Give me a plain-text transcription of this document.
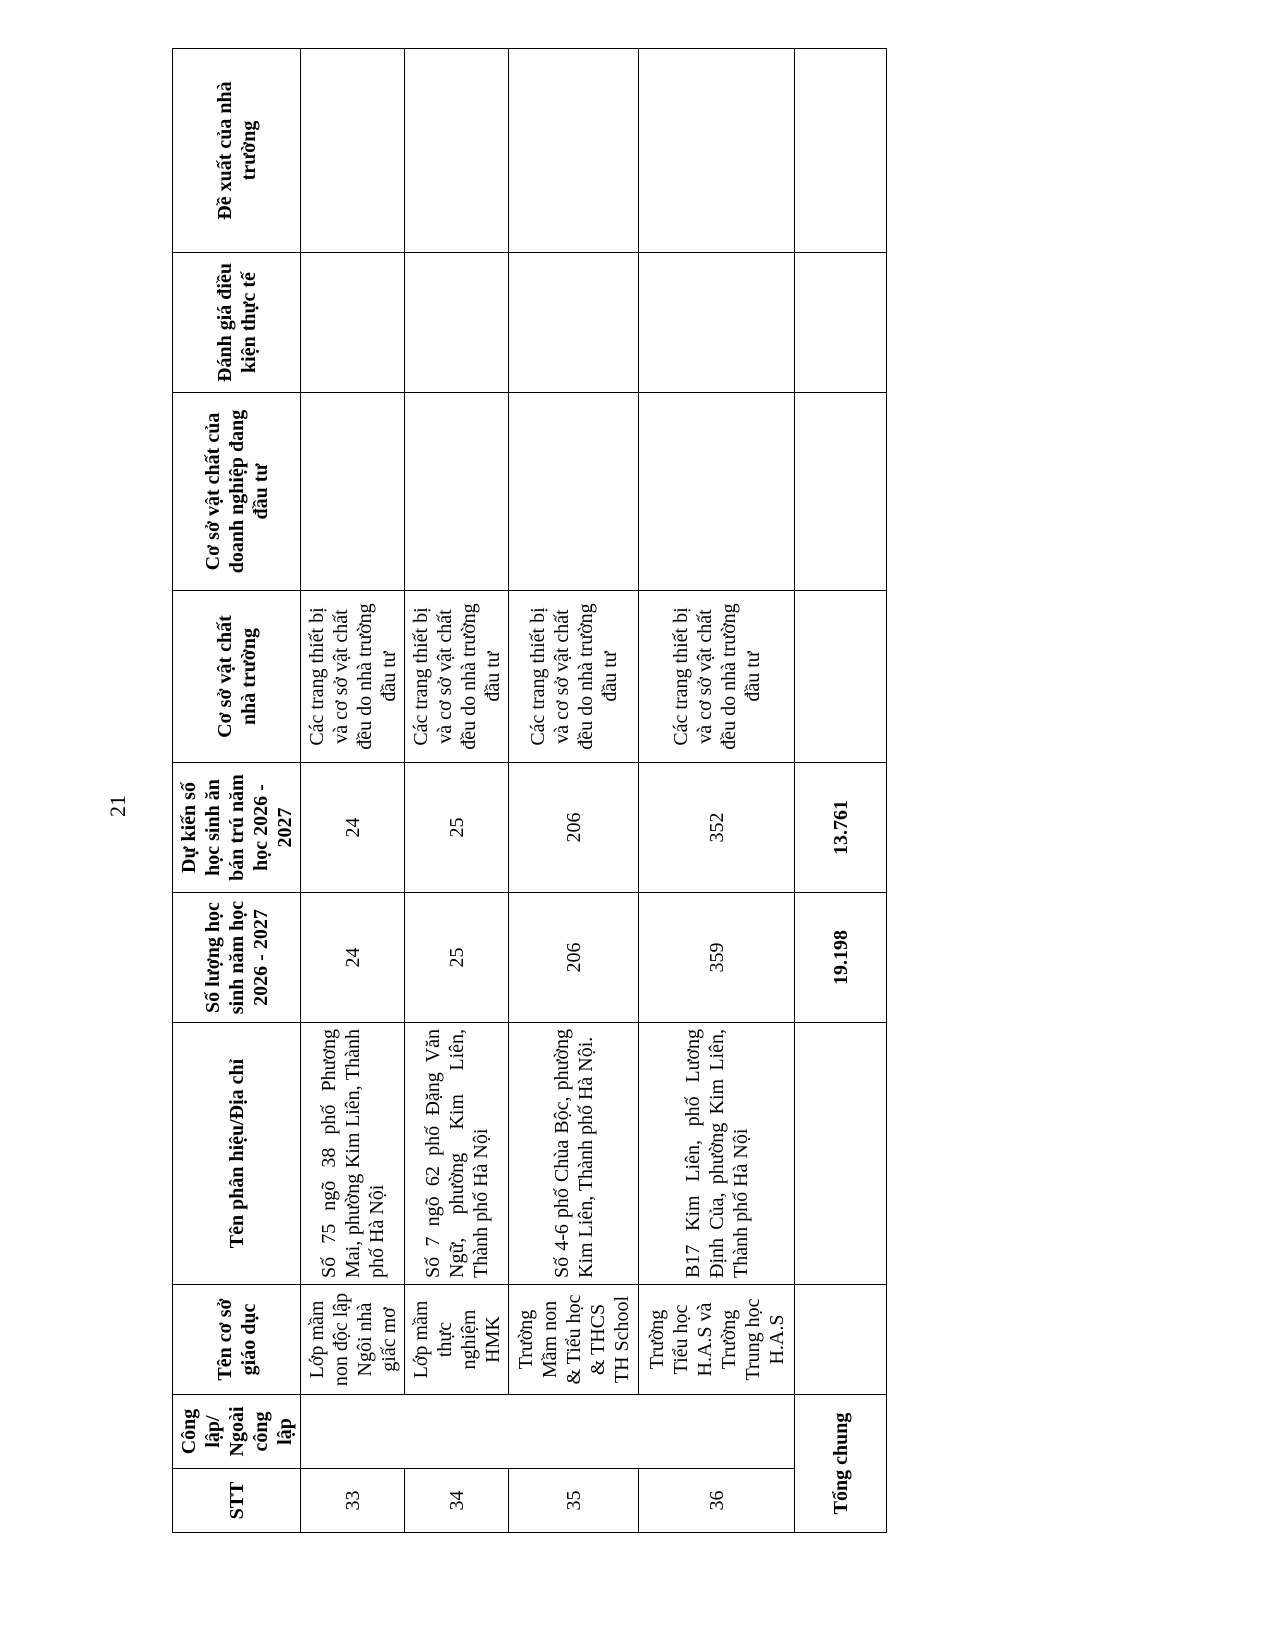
21
STT	Công lập/ Ngoài công lập	Tên cơ sở giáo dục	Tên phân hiệu/Địa chỉ	Số lượng học sinh năm học 2026 - 2027	Dự kiến số học sinh ăn bán trú năm học 2026 - 2027	Cơ sở vật chất nhà trường	Cơ sở vật chất của doanh nghiệp đang đầu tư	Đánh giá điều kiện thực tế	Đề xuất của nhà trường
33		Lớp mầm non độc lập Ngôi nhà giấc mơ	Số 75 ngõ 38 phố Phương Mai, phường Kim Liên, Thành phố Hà Nội	24	24	Các trang thiết bị và cơ sở vật chất đều do nhà trường đầu tư			
34		Lớp mầm thực nghiệm HMK	Số 7 ngõ 62 phố Đặng Văn Ngữ, phường Kim Liên, Thành phố Hà Nội	25	25	Các trang thiết bị và cơ sở vật chất đều do nhà trường đầu tư			
35		Trường Mầm non & Tiểu học & THCS TH School	Số 4-6 phố Chùa Bộc, phường Kim Liên, Thành phố Hà Nội.	206	206	Các trang thiết bị và cơ sở vật chất đều do nhà trường đầu tư			
36		Trường Tiểu học H.A.S và Trường Trung học H.A.S	B17 Kim Liên, phố Lương Định Của, phường Kim Liên, Thành phố Hà Nội	359	352	Các trang thiết bị và cơ sở vật chất đều do nhà trường đầu tư			
Tổng chung				19.198	13.761				
